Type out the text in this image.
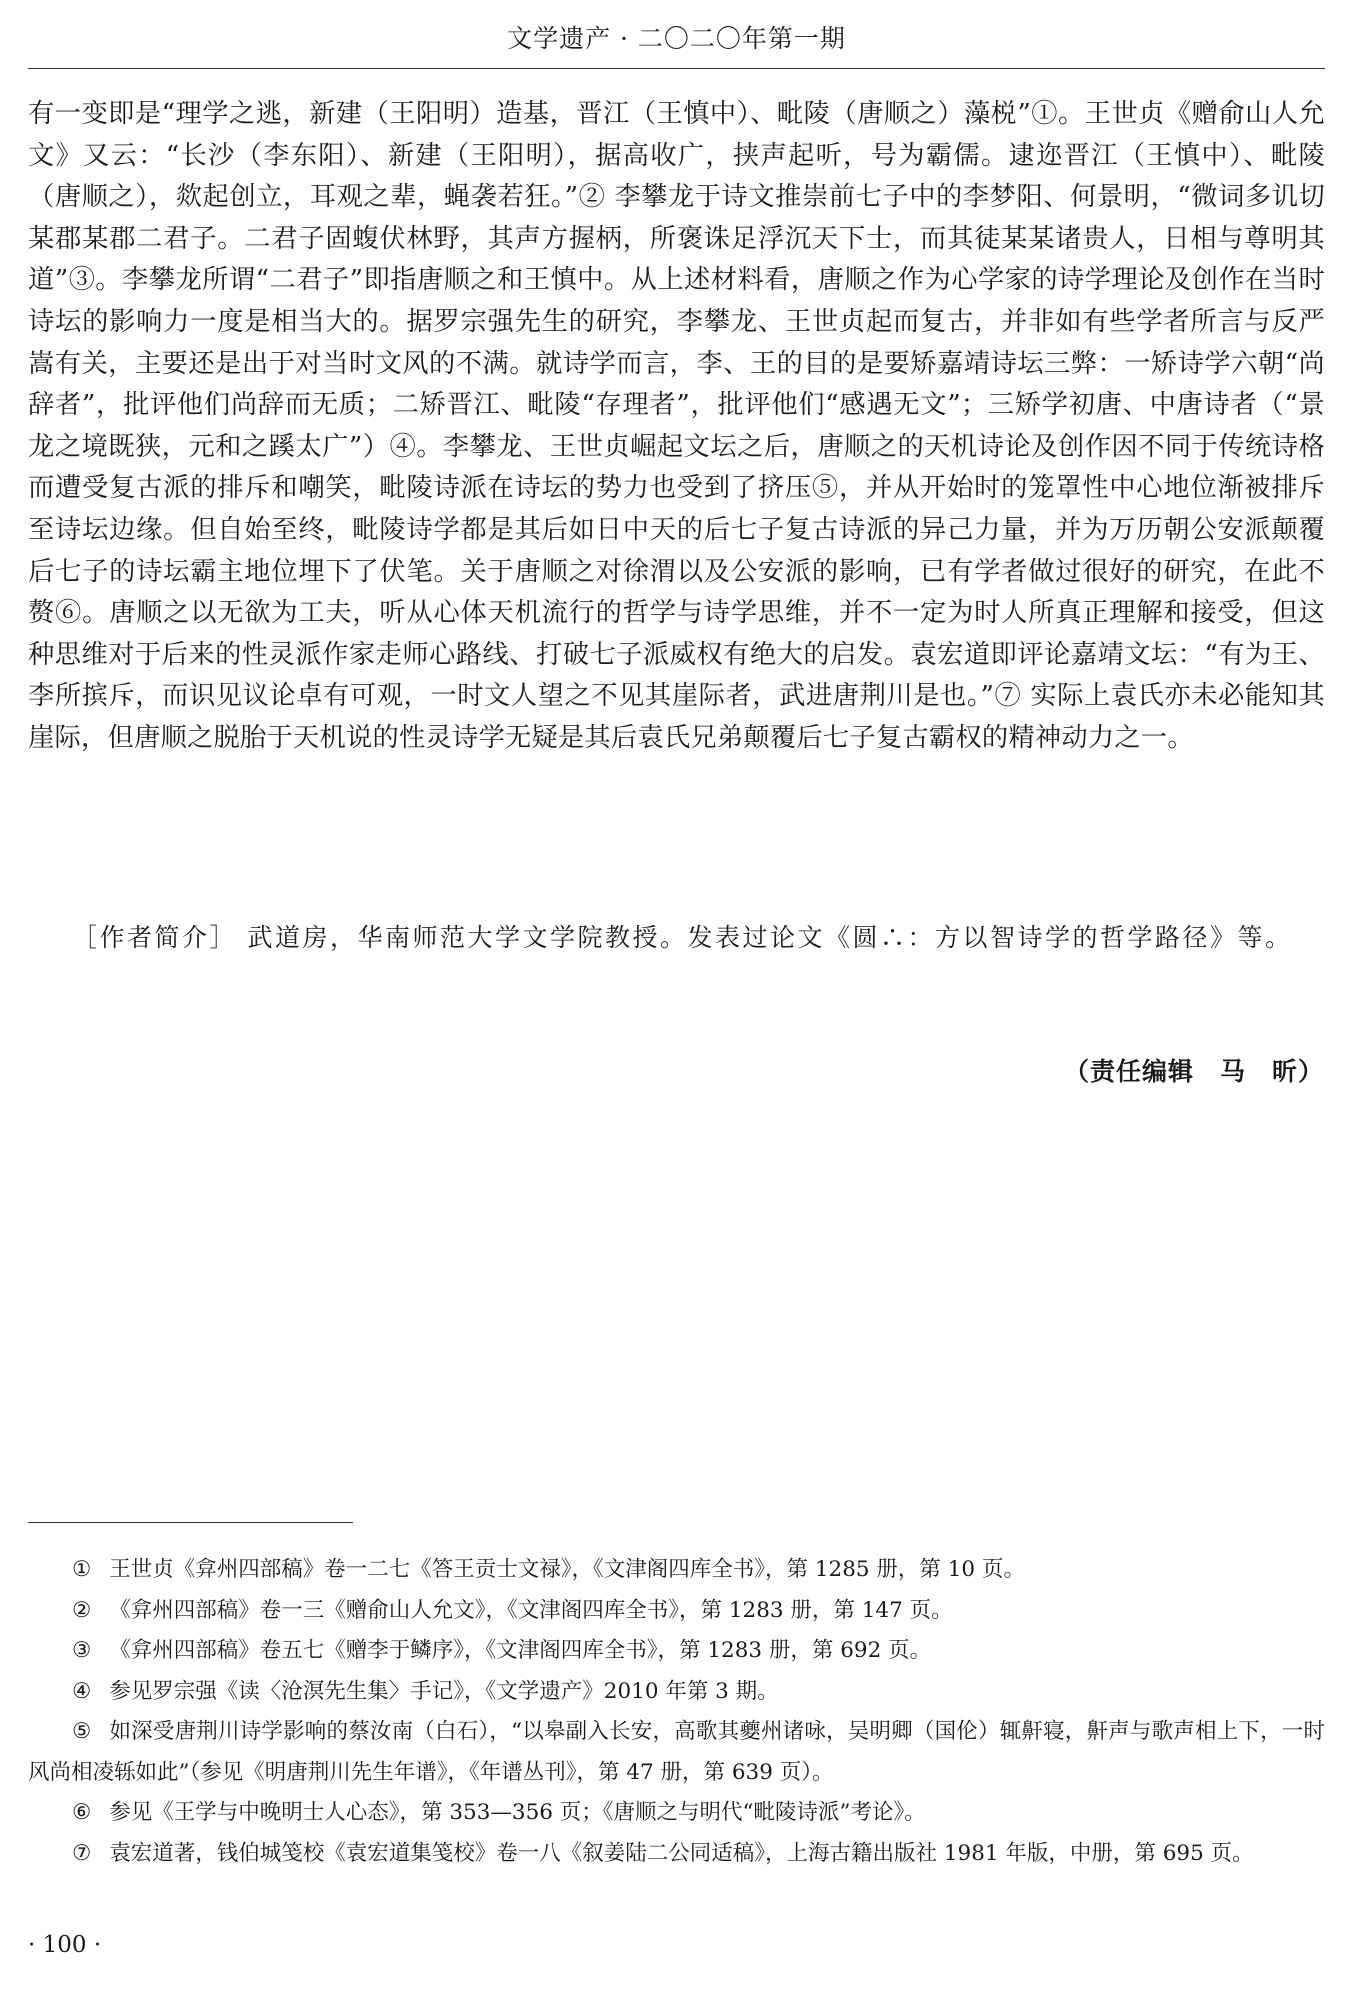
文学遗产 · 二〇二〇年第一期

有一变即是“理学之逃，新建（王阳明）造基，晋江（王慎中）、毗陵（唐顺之）藻棁”①。王世贞《赠俞山人允文》又云：“长沙（李东阳）、新建（王阳明），据高收广，挟声起听，号为霸儒。逮迩晋江（王慎中）、毗陵（唐顺之），欻起创立，耳观之辈，蝇袭若狂。”② 李攀龙于诗文推崇前七子中的李梦阳、何景明，“微词多讥切某郡某郡二君子。二君子固蝮伏林野，其声方握柄，所褒诛足浮沉天下士，而其徒某某诸贵人，日相与尊明其道”③。李攀龙所谓“二君子”即指唐顺之和王慎中。从上述材料看，唐顺之作为心学家的诗学理论及创作在当时诗坛的影响力一度是相当大的。据罗宗强先生的研究，李攀龙、王世贞起而复古，并非如有些学者所言与反严嵩有关，主要还是出于对当时文风的不满。就诗学而言，李、王的目的是要矫嘉靖诗坛三弊：一矫诗学六朝“尚辞者”，批评他们尚辞而无质；二矫晋江、毗陵“存理者”，批评他们“感遇无文”；三矫学初唐、中唐诗者（“景龙之境既狭，元和之蹊太广”）④。李攀龙、王世贞崛起文坛之后，唐顺之的天机诗论及创作因不同于传统诗格而遭受复古派的排斥和嘲笑，毗陵诗派在诗坛的势力也受到了挤压⑤，并从开始时的笼罩性中心地位渐被排斥至诗坛边缘。但自始至终，毗陵诗学都是其后如日中天的后七子复古诗派的异己力量，并为万历朝公安派颠覆后七子的诗坛霸主地位埋下了伏笔。关于唐顺之对徐渭以及公安派的影响，已有学者做过很好的研究，在此不赘⑥。唐顺之以无欲为工夫，听从心体天机流行的哲学与诗学思维，并不一定为时人所真正理解和接受，但这种思维对于后来的性灵派作家走师心路线、打破七子派威权有绝大的启发。袁宏道即评论嘉靖文坛：“有为王、李所摈斥，而识见议论卓有可观，一时文人望之不见其崖际者，武进唐荆川是也。”⑦ 实际上袁氏亦未必能知其崖际，但唐顺之脱胎于天机说的性灵诗学无疑是其后袁氏兄弟颠覆后七子复古霸权的精神动力之一。

［作者简介］ 武道房，华南师范大学文学院教授。发表过论文《圆∴：方以智诗学的哲学路径》等。
（责任编辑　马　昕）

① 王世贞《弇州四部稿》卷一二七《答王贡士文禄》，《文津阁四库全书》，第 1285 册，第 10 页。

② 《弇州四部稿》卷一三《赠俞山人允文》，《文津阁四库全书》，第 1283 册，第 147 页。

③ 《弇州四部稿》卷五七《赠李于鳞序》，《文津阁四库全书》，第 1283 册，第 692 页。

④ 参见罗宗强《读〈沧溟先生集〉手记》，《文学遗产》2010 年第 3 期。

⑤ 如深受唐荆川诗学影响的蔡汝南（白石），“以皋副入长安，高歌其夔州诸咏，吴明卿（国伦）辄鼾寝，鼾声与歌声相上下，一时风尚相凌轹如此”（参见《明唐荆川先生年谱》，《年谱丛刊》，第 47 册，第 639 页）。

⑥ 参见《王学与中晚明士人心态》，第 353—356 页；《唐顺之与明代“毗陵诗派”考论》。

⑦ 袁宏道著，钱伯城笺校《袁宏道集笺校》卷一八《叙姜陆二公同适稿》，上海古籍出版社 1981 年版，中册，第 695 页。

· 100 ·
